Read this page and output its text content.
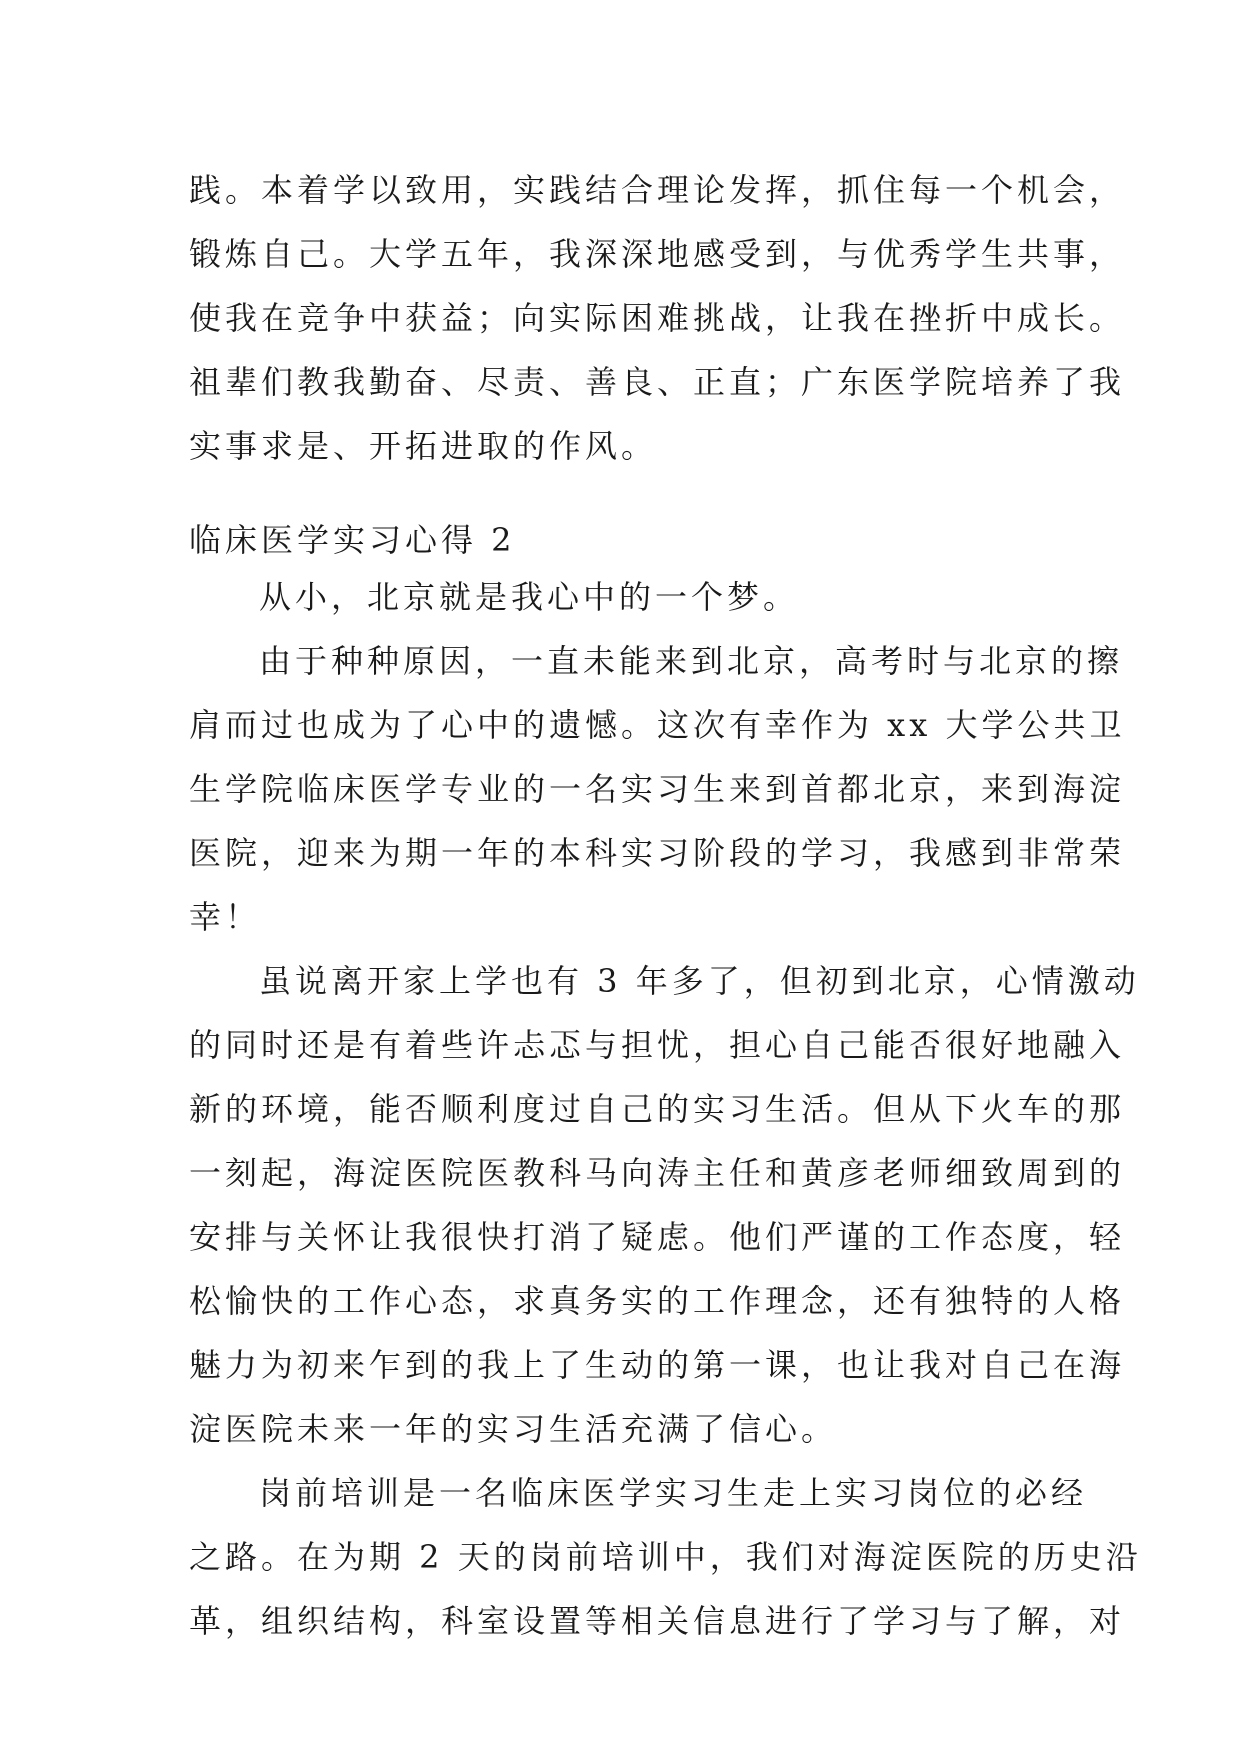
践。本着学以致用，实践结合理论发挥，抓住每一个机会，
锻炼自己。大学五年，我深深地感受到，与优秀学生共事，
使我在竞争中获益；向实际困难挑战，让我在挫折中成长。
祖辈们教我勤奋、尽责、善良、正直；广东医学院培养了我
实事求是、开拓进取的作风。
临床医学实习心得 2
从小，北京就是我心中的一个梦。
由于种种原因，一直未能来到北京，高考时与北京的擦
肩而过也成为了心中的遗憾。这次有幸作为 xx 大学公共卫
生学院临床医学专业的一名实习生来到首都北京，来到海淀
医院，迎来为期一年的本科实习阶段的学习，我感到非常荣
幸！
虽说离开家上学也有 3 年多了，但初到北京，心情激动
的同时还是有着些许忐忑与担忧，担心自己能否很好地融入
新的环境，能否顺利度过自己的实习生活。但从下火车的那
一刻起，海淀医院医教科马向涛主任和黄彦老师细致周到的
安排与关怀让我很快打消了疑虑。他们严谨的工作态度，轻
松愉快的工作心态，求真务实的工作理念，还有独特的人格
魅力为初来乍到的我上了生动的第一课，也让我对自己在海
淀医院未来一年的实习生活充满了信心。
岗前培训是一名临床医学实习生走上实习岗位的必经
之路。在为期 2 天的岗前培训中，我们对海淀医院的历史沿
革，组织结构，科室设置等相关信息进行了学习与了解，对
